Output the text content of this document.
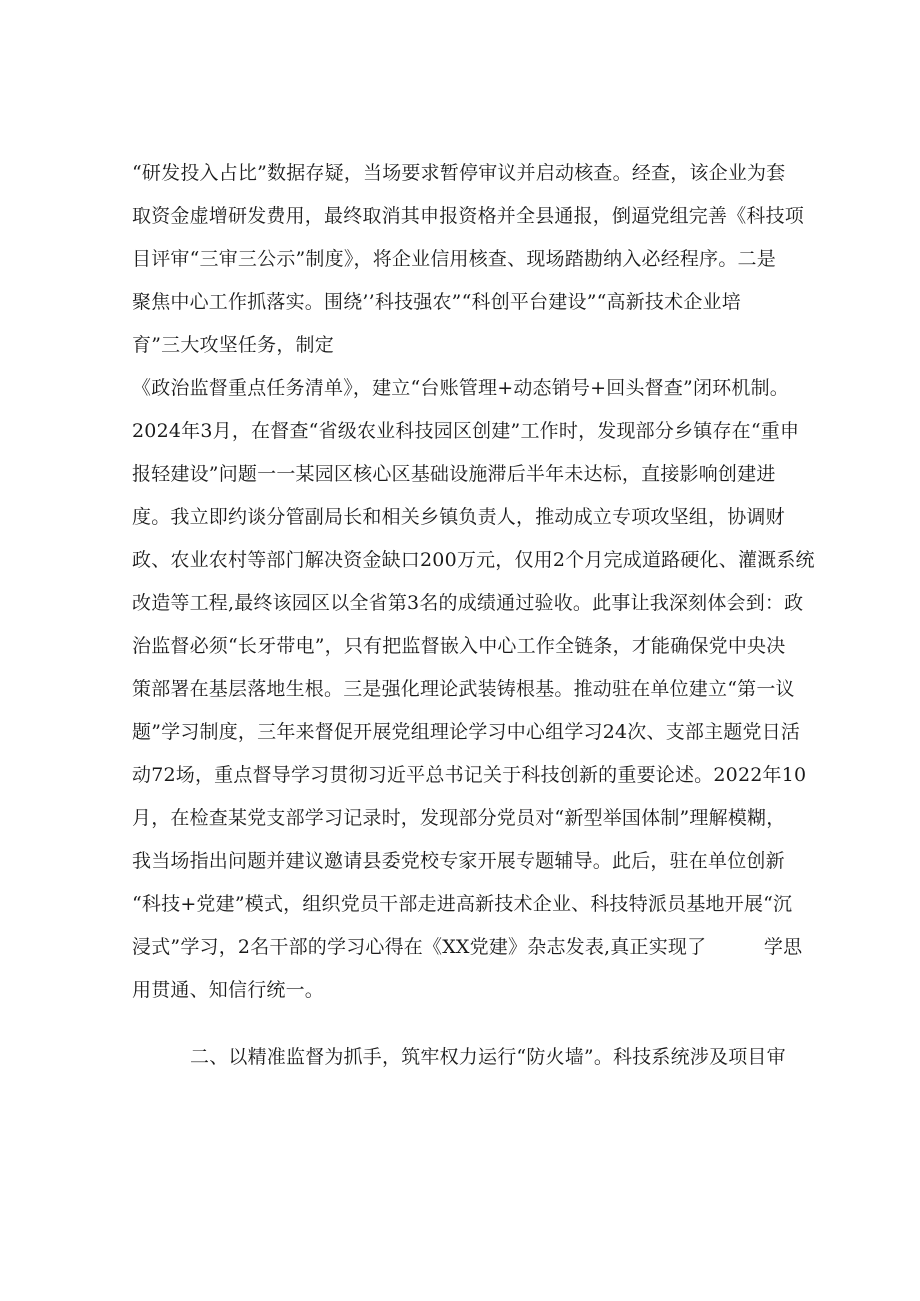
“研发投入占比”数据存疑，当场要求暂停审议并启动核查。经查，该企业为套
取资金虚增研发费用，最终取消其申报资格并全县通报，倒逼党组完善《科技项
目评审“三审三公示”制度》，将企业信用核查、现场踏勘纳入必经程序。二是
聚焦中心工作抓落实。围绕’’科技强农”“科创平台建设”“高新技术企业培
育”三大攻坚任务，制定
《政治监督重点任务清单》，建立“台账管理+动态销号+回头督查”闭环机制。
2024年3月，在督查“省级农业科技园区创建”工作时，发现部分乡镇存在“重申
报轻建设”问题一一某园区核心区基础设施滞后半年未达标，直接影响创建进
度。我立即约谈分管副局长和相关乡镇负责人，推动成立专项攻坚组，协调财
政、农业农村等部门解决资金缺口200万元，仅用2个月完成道路硬化、灌溉系统
改造等工程,最终该园区以全省第3名的成绩通过验收。此事让我深刻体会到：政
治监督必须“长牙带电”，只有把监督嵌入中心工作全链条，才能确保党中央决
策部署在基层落地生根。三是强化理论武装铸根基。推动驻在单位建立“第一议
题”学习制度，三年来督促开展党组理论学习中心组学习24次、支部主题党日活
动72场，重点督导学习贯彻习近平总书记关于科技创新的重要论述。2022年10
月，在检查某党支部学习记录时，发现部分党员对“新型举国体制”理解模糊，
我当场指出问题并建议邀请县委党校专家开展专题辅导。此后，驻在单位创新
“科技+党建”模式，组织党员干部走进高新技术企业、科技特派员基地开展“沉
浸式”学习，2名干部的学习心得在《XX党建》杂志发表,真正实现了　　　学思
用贯通、知信行统一。
二、以精准监督为抓手，筑牢权力运行“防火墙”。科技系统涉及项目审
